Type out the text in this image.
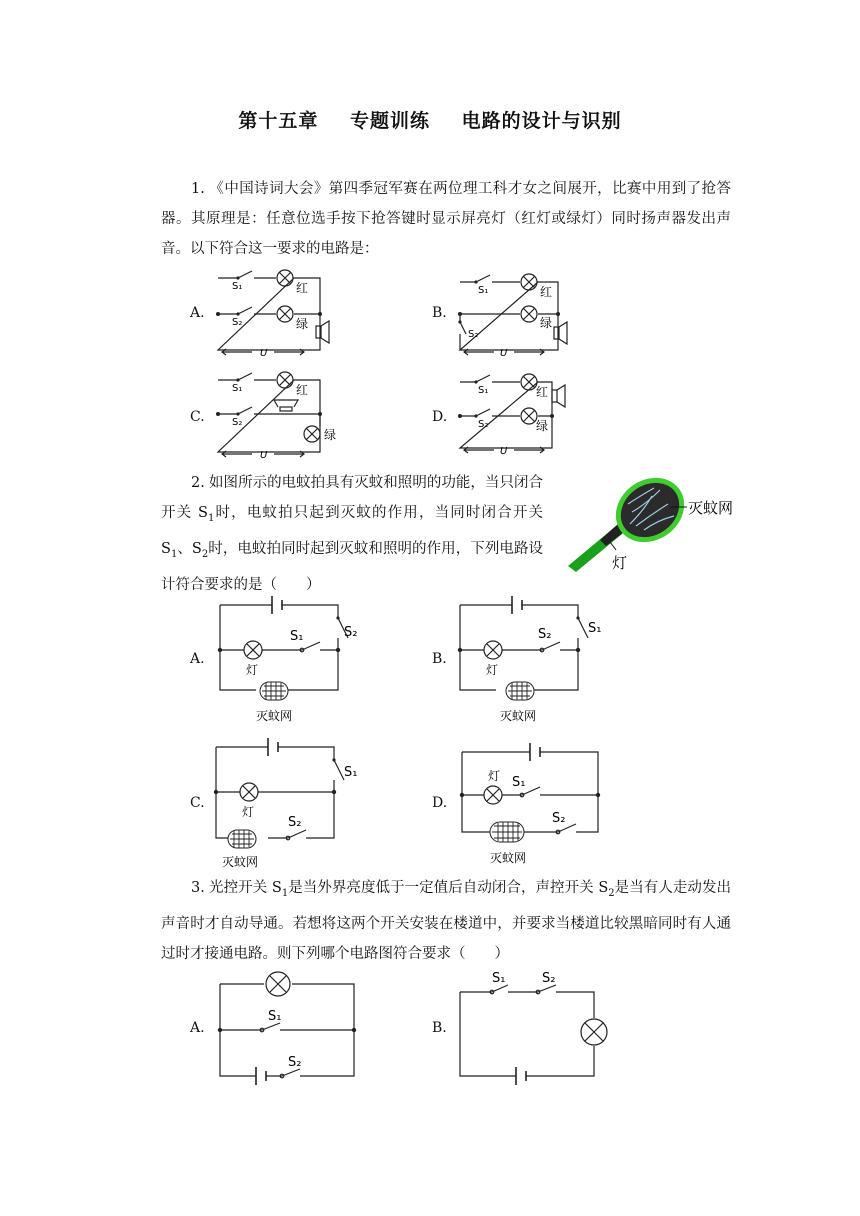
第十五章 专题训练 电路的设计与识别

1. 《中国诗词大会》第四季冠军赛在两位理工科才女之间展开，比赛中用到了抢答器。其原理是：任意位选手按下抢答键时显示屏亮灯（红灯或绿灯）同时扬声器发出声音。以下符合这一要求的电路是：

A.
S₁
S₂
红
绿
U
B.
S₁
S₂
红
绿
U
C.
S₁
S₂
红
绿
U
D.
S₁
S₂
红
绿
U

2. 如图所示的电蚊拍具有灭蚊和照明的功能，当只闭合开关 $S_1$时，电蚊拍只起到灭蚊的作用，当同时闭合开关 $S_1$、$S_2$时，电蚊拍同时起到灭蚊和照明的作用，下列电路设计符合要求的是（　　）

灭蚊网
灯
A.
S₂
S₁
灯
灭蚊网
B.
S₁
S₂
灯
灭蚊网
C.
S₁
S₂
灯
灭蚊网
D.
灯 S₁
S₂
灭蚊网

3. 光控开关 $S_1$是当外界亮度低于一定值后自动闭合，声控开关 $S_2$是当有人走动发出声音时才自动导通。若想将这两个开关安装在楼道中，并要求当楼道比较黑暗同时有人通过时才接通电路。则下列哪个电路图符合要求（　　）

A.
S₁
S₂
B.
S₁	S₂
